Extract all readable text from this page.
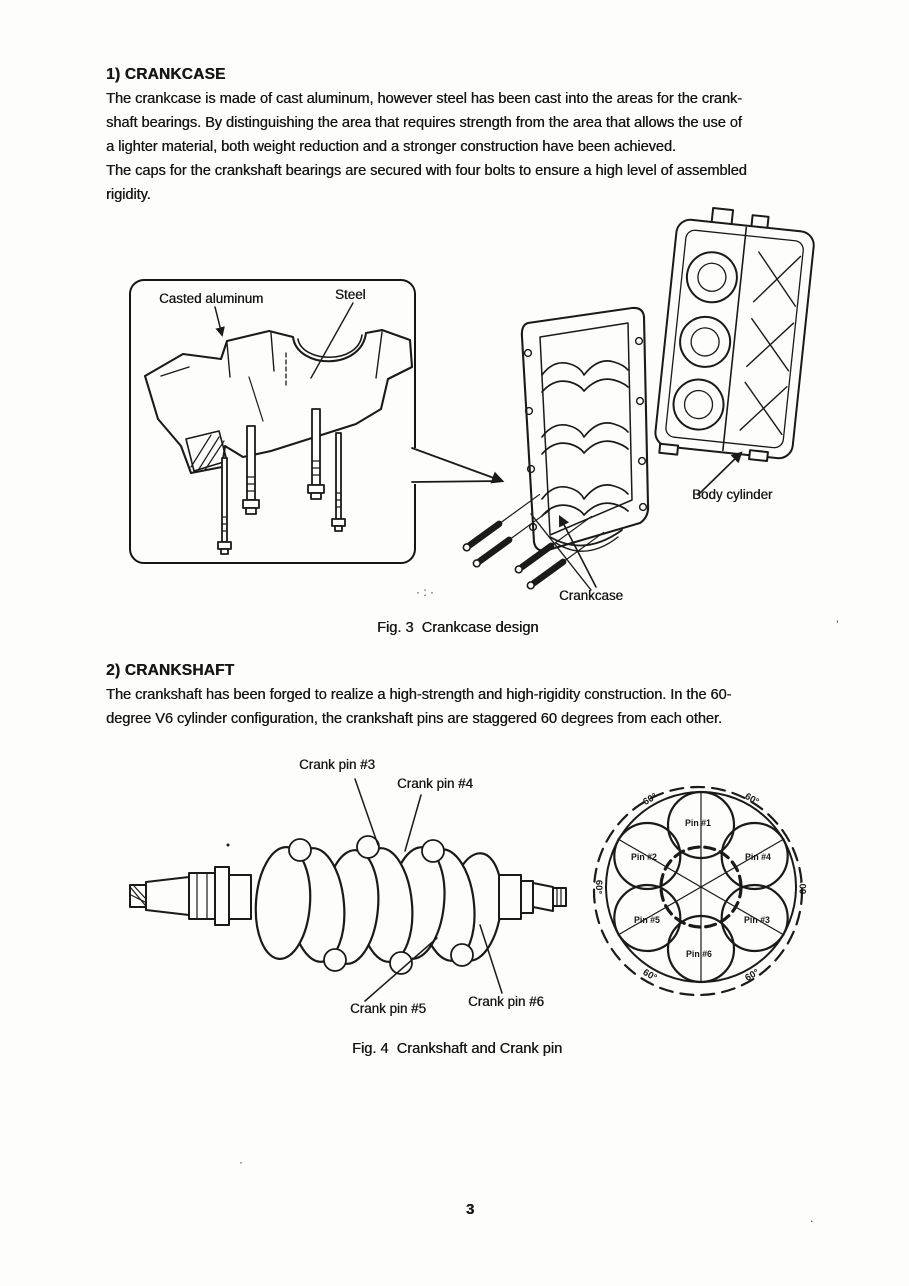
1) CRANKCASE
The crankcase is made of cast aluminum, however steel has been cast into the areas for the crank-
shaft bearings. By distinguishing the area that requires strength from the area that allows the use of
a lighter material, both weight reduction and a stronger construction have been achieved.
The caps for the crankshaft bearings are secured with four bolts to ensure a high level of assembled
rigidity.
Casted aluminum	Steel
Body cylinder
Crankcase
· : ·
’
Fig. 3  Crankcase design
2) CRANKSHAFT
The crankshaft has been forged to realize a high-strength and high-rigidity construction. In the 60-
degree V6 cylinder configuration, the crankshaft pins are staggered 60 degrees from each other.
Crank pin #3
Crank pin #4
Crank pin #5	Crank pin #6
Pin #1
Pin #2	Pin #4
Pin #5	Pin #3
Pin #6
60°
60°
60°
60°
60°	60°
Fig. 4  Crankshaft and Crank pin
·
.
3
